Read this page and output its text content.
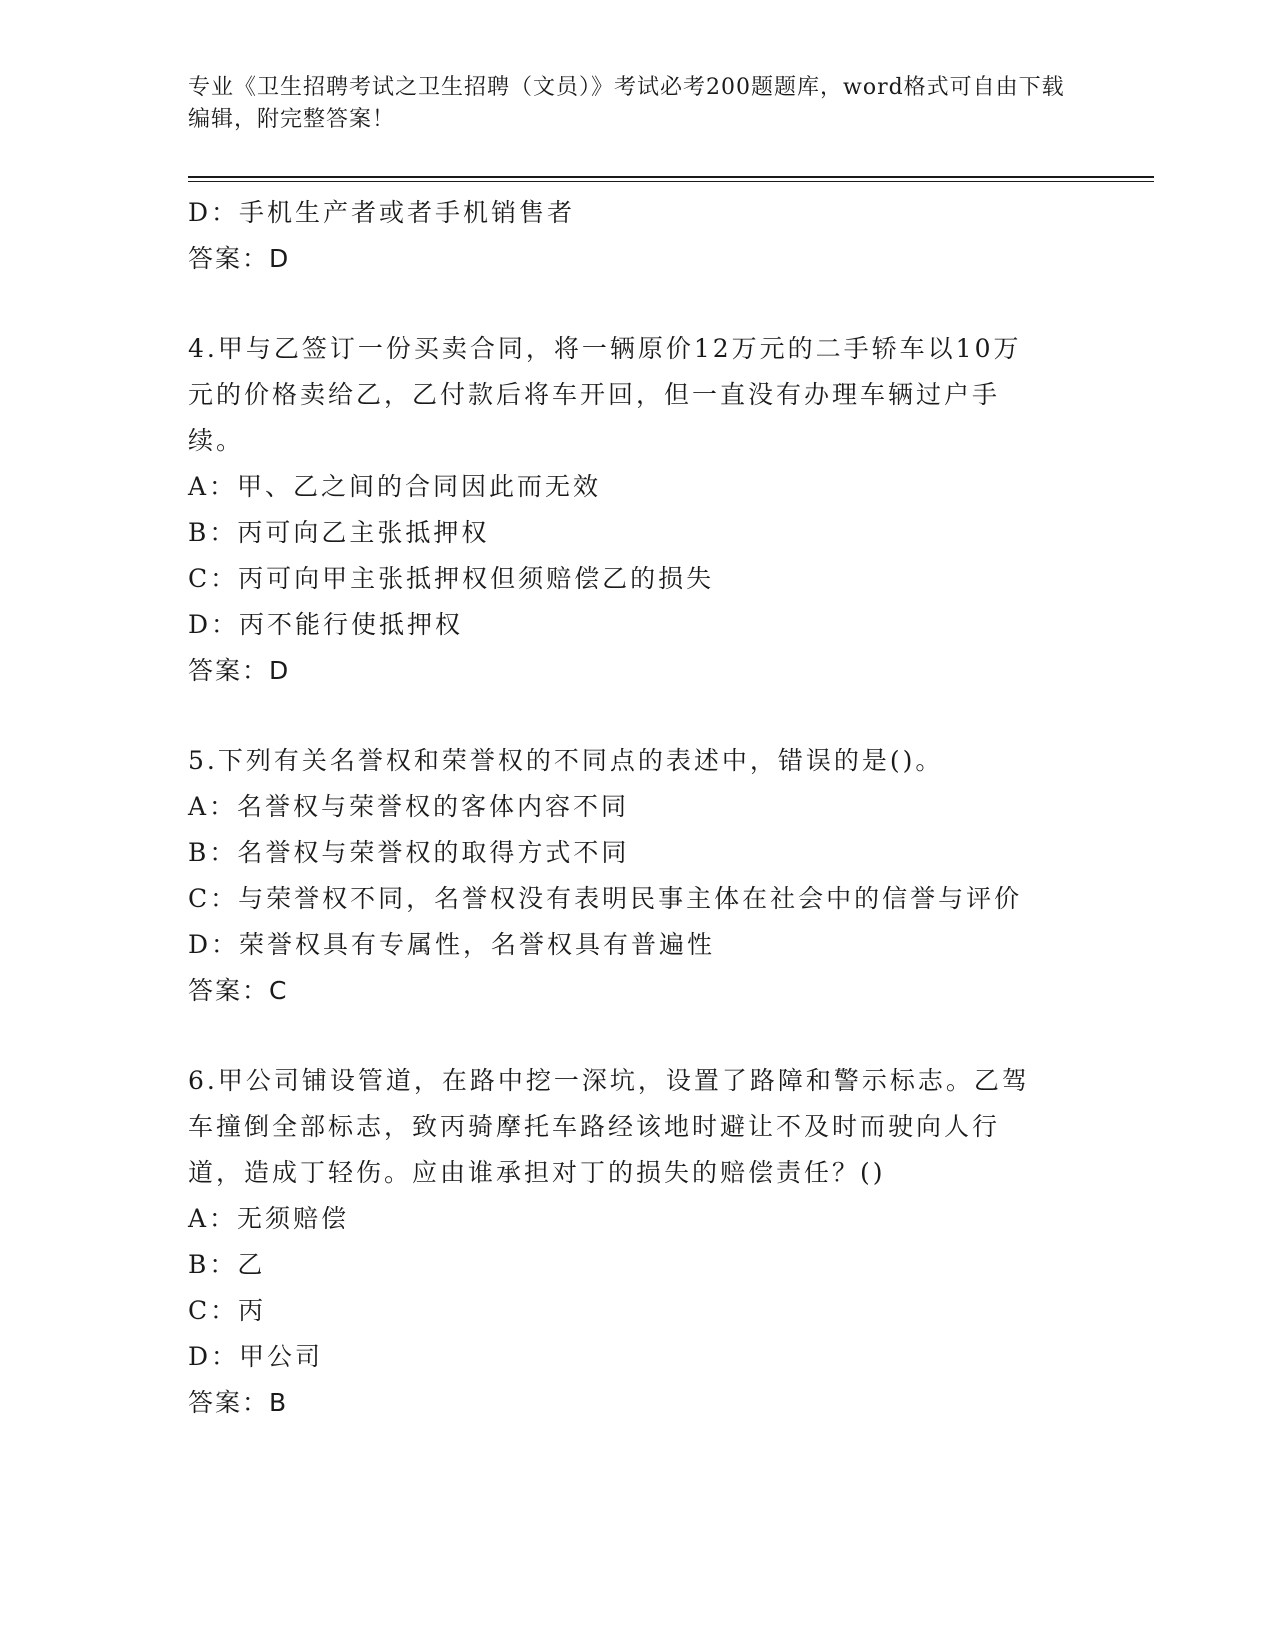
专业《卫生招聘考试之卫生招聘（文员）》考试必考200题题库，word格式可自由下载编辑，附完整答案！
D：手机生产者或者手机销售者
答案：D
4.甲与乙签订一份买卖合同，将一辆原价12万元的二手轿车以10万元的价格卖给乙，乙付款后将车开回，但一直没有办理车辆过户手续。
A：甲、乙之间的合同因此而无效
B：丙可向乙主张抵押权
C：丙可向甲主张抵押权但须赔偿乙的损失
D：丙不能行使抵押权
答案：D
5.下列有关名誉权和荣誉权的不同点的表述中，错误的是()。
A：名誉权与荣誉权的客体内容不同
B：名誉权与荣誉权的取得方式不同
C：与荣誉权不同，名誉权没有表明民事主体在社会中的信誉与评价
D：荣誉权具有专属性，名誉权具有普遍性
答案：C
6.甲公司铺设管道，在路中挖一深坑，设置了路障和警示标志。乙驾车撞倒全部标志，致丙骑摩托车路经该地时避让不及时而驶向人行道，造成丁轻伤。应由谁承担对丁的损失的赔偿责任？()
A：无须赔偿
B：乙
C：丙
D：甲公司
答案：B
